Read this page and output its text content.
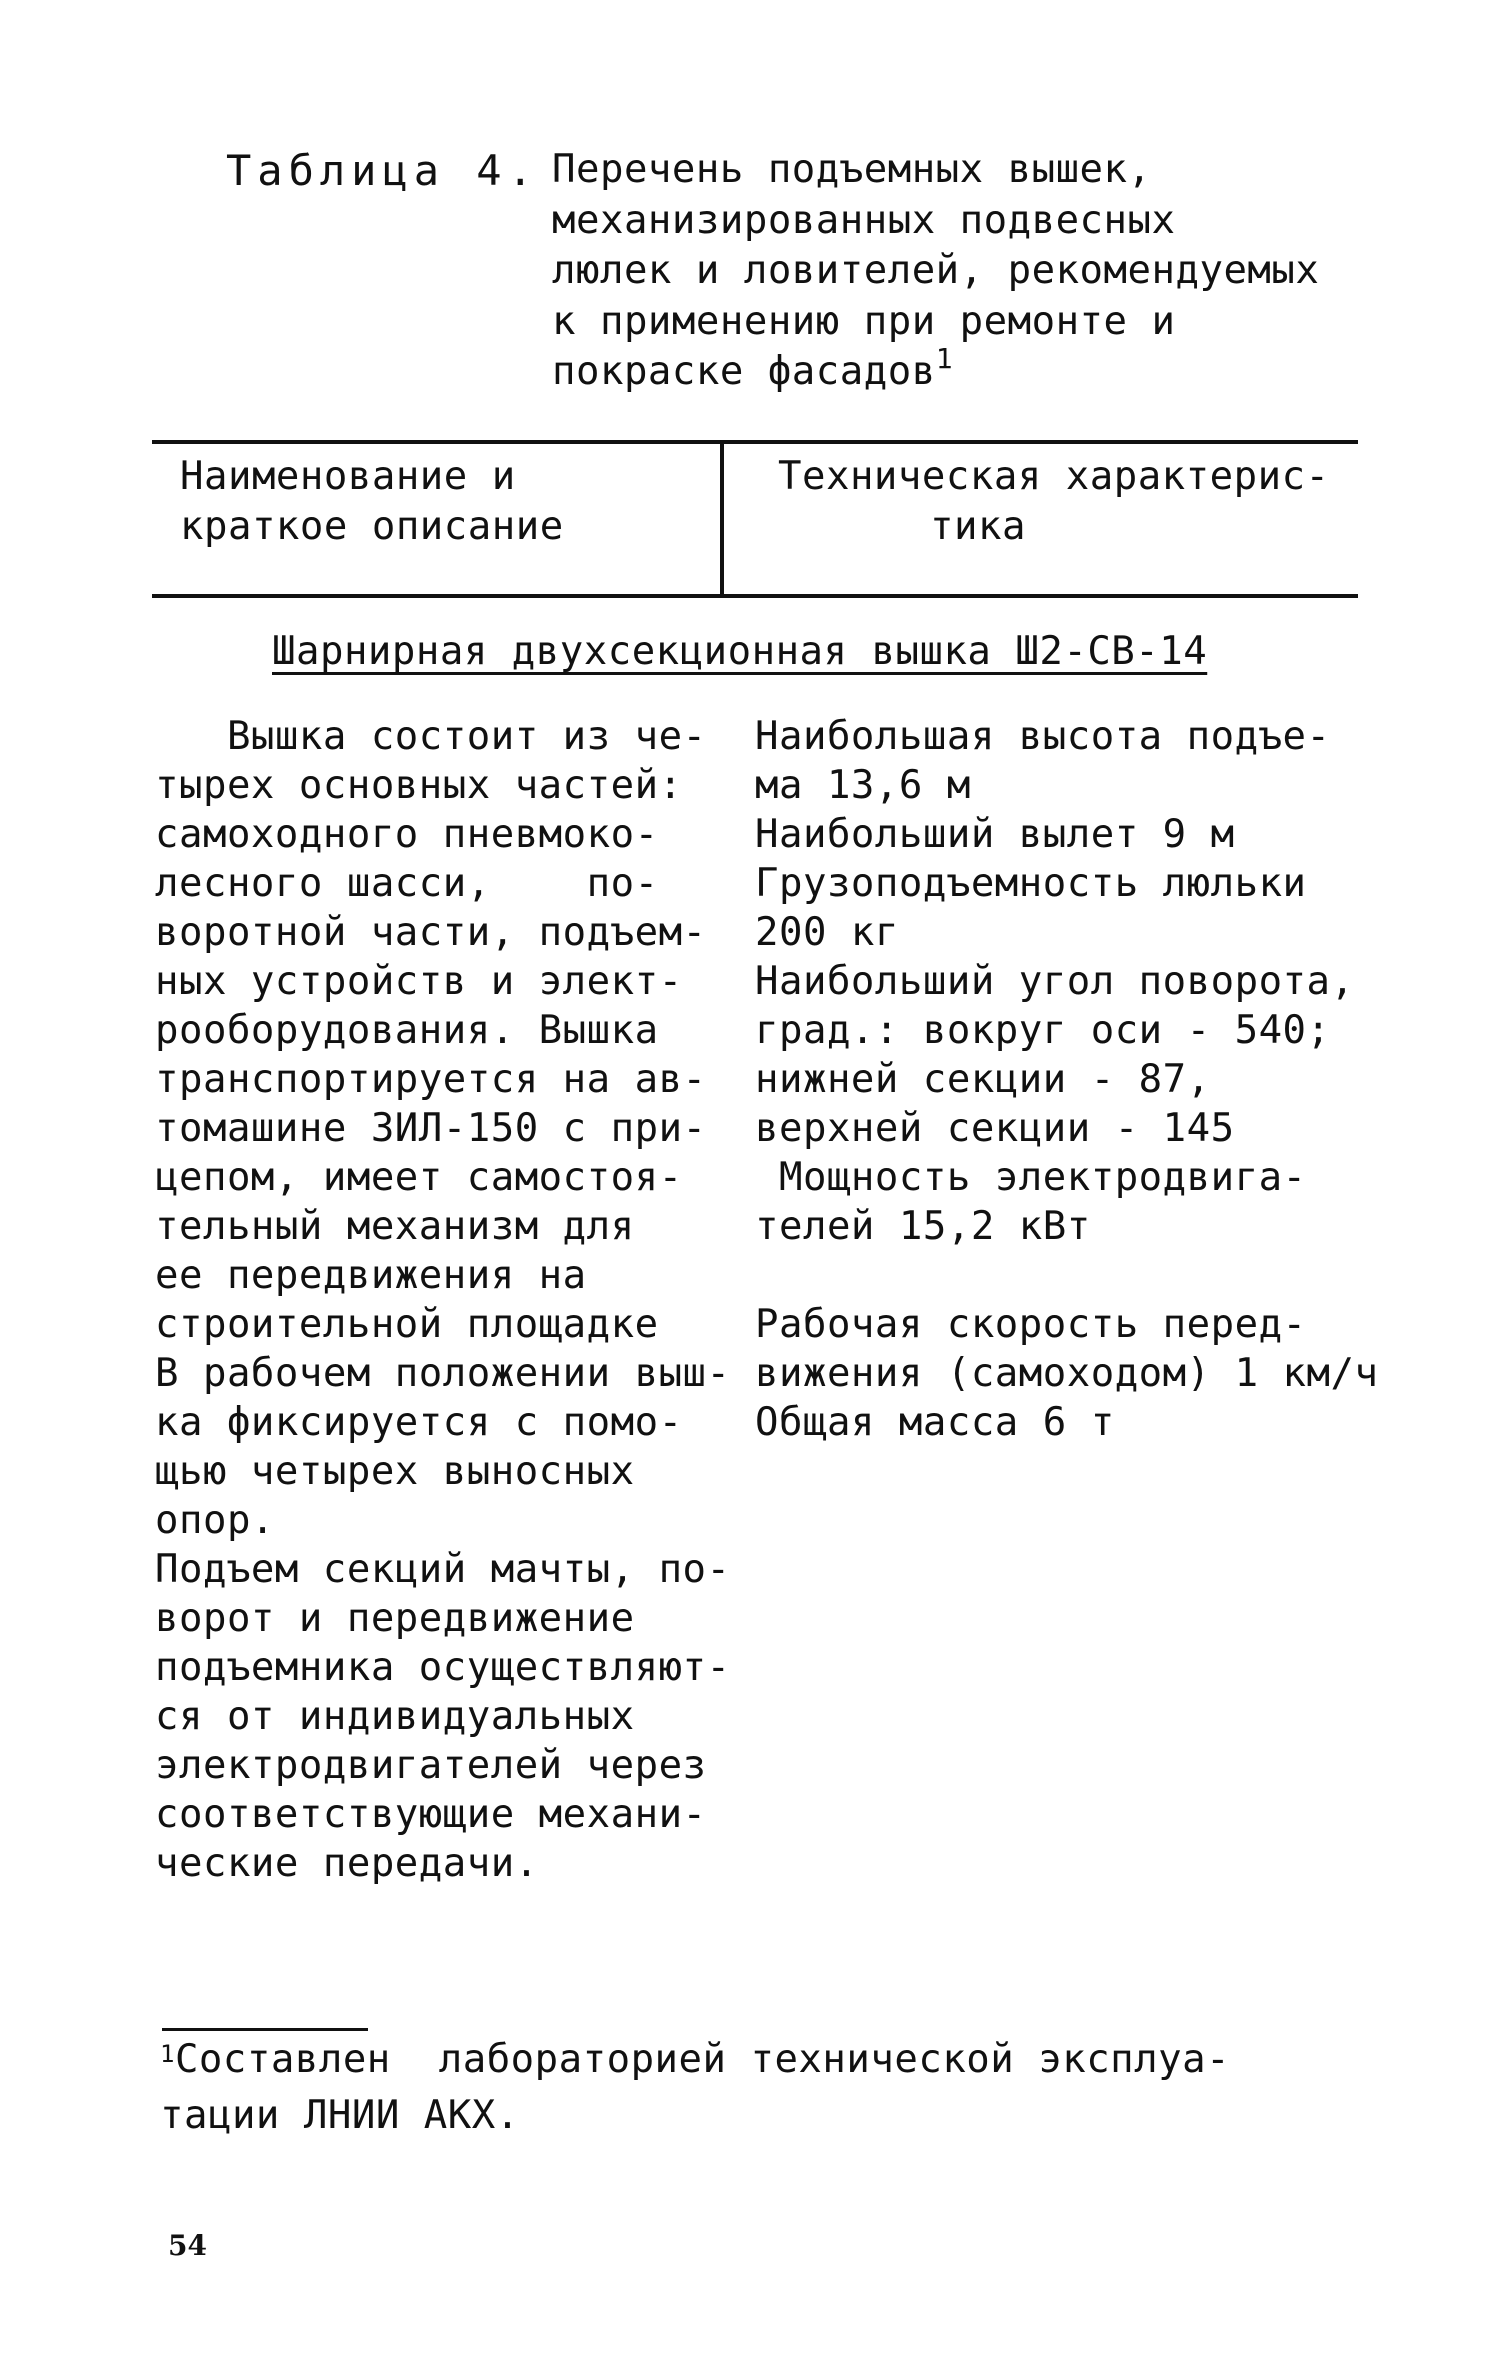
Таблица 4. Перечень подъемных вышек,
механизированных подвесных
люлек и ловителей, рекомендуемых
к применению при ремонте и
покраске фасадов$^1$
Наименование и
краткое описание
Техническая характерис-
тика
Шарнирная двухсекционная вышка Ш2-СВ-14
Вышка состоит из че-
тырех основных частей:
самоходного пневмоко-
лесного шасси,    по-
воротной части, подъем-
ных устройств и элект-
рооборудования. Вышка
транспортируется на ав-
томашине ЗИЛ-150 с при-
цепом, имеет самостоя-
тельный механизм для
ее передвижения на
строительной площадке
В рабочем положении выш-
ка фиксируется с помо-
щью четырех выносных
опор.
Подъем секций мачты, по-
ворот и передвижение
подъемника осуществляют-
ся от индивидуальных
электродвигателей через
соответствующие механи-
ческие передачи.
Наибольшая высота подъе-
ма 13,6 м
Наибольший вылет 9 м
Грузоподъемность люльки
200 кг
Наибольший угол поворота,
град.: вокруг оси - 540;
нижней секции - 87,
верхней секции - 145
Мощность электродвига-
телей 15,2 кВт

Рабочая скорость перед-
вижения (самоходом) 1 км/ч
Общая масса 6 т
$^1$Составлен  лабораторией технической эксплуа-
тации ЛНИИ АКХ.
54
